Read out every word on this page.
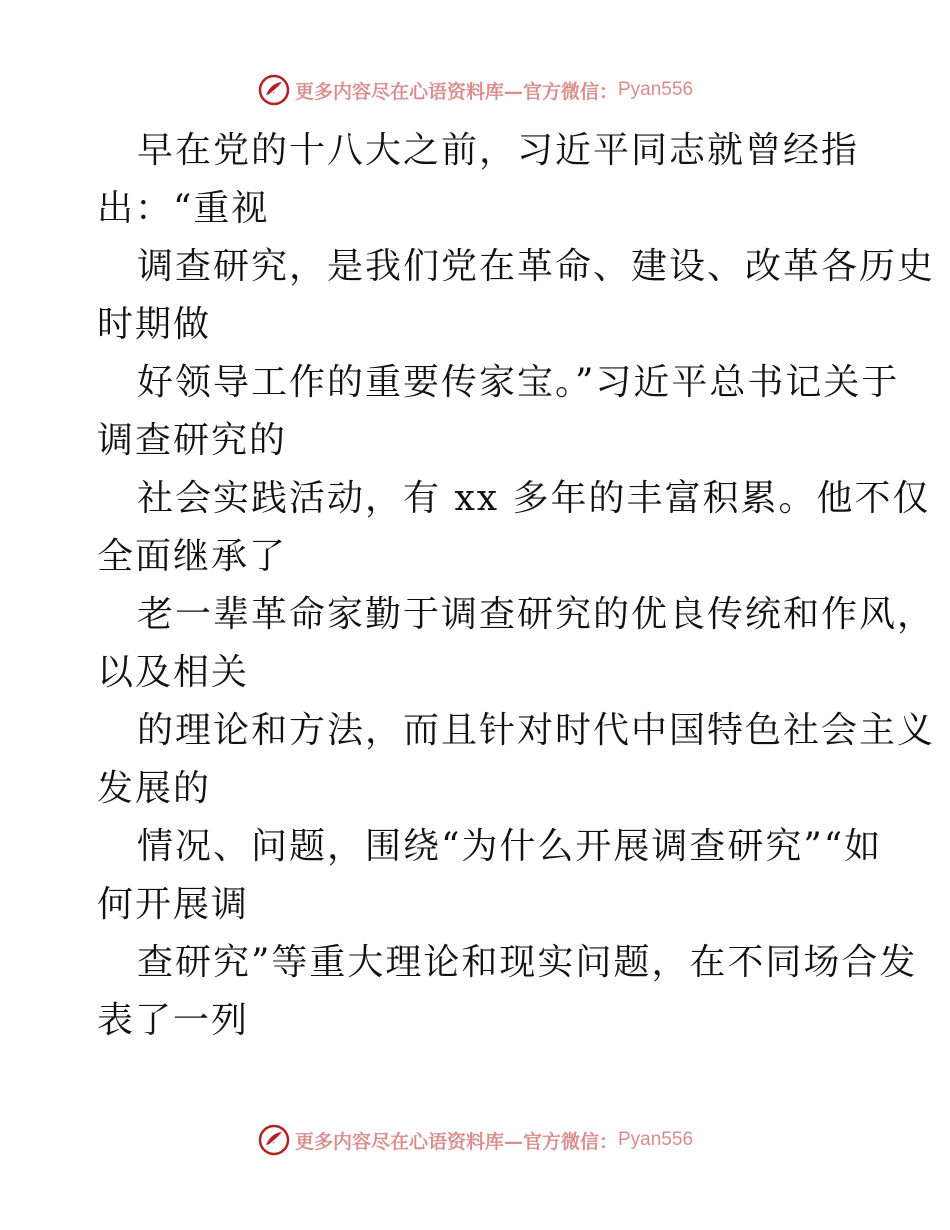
更多内容尽在心语资料库—官方微信： Pyan556
早在党的十八大之前，习近平同志就曾经指
出：“重视
调查研究，是我们党在革命、建设、改革各历史
时期做
好领导工作的重要传家宝。”习近平总书记关于
调查研究的
社会实践活动，有 xx 多年的丰富积累。他不仅
全面继承了
老一辈革命家勤于调查研究的优良传统和作风，
以及相关
的理论和方法，而且针对时代中国特色社会主义
发展的
情况、问题，围绕“为什么开展调查研究”“如
何开展调
查研究”等重大理论和现实问题，在不同场合发
表了一列
更多内容尽在心语资料库—官方微信： Pyan556
